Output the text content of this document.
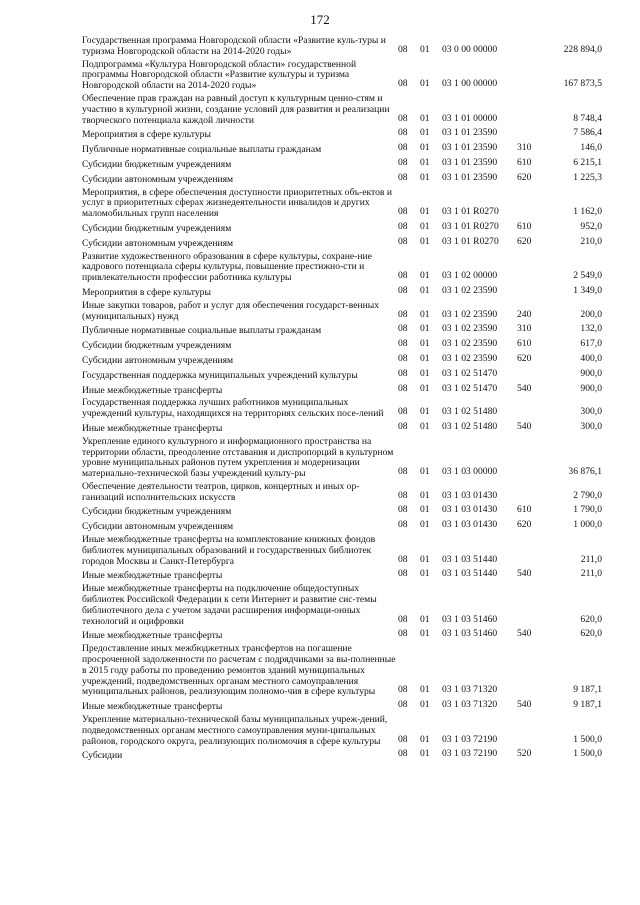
172
Государственная программа Новгородской области «Развитие куль-туры и туризма Новгородской области на 2014-2020 годы»	08	01	03 0 00 00000		228 894,0
Подпрограмма «Культура Новгородской области» государственной программы Новгородской области «Развитие культуры и туризма Новгородской области на 2014-2020 годы»	08	01	03 1 00 00000		167 873,5
Обеспечение прав граждан на равный доступ к культурным ценно-стям и участию в культурной жизни, создание условий для развития и реализации творческого потенциала каждой личности	08	01	03 1 01 00000		8 748,4
Мероприятия в сфере культуры	08	01	03 1 01 23590		7 586,4
Публичные нормативные социальные выплаты гражданам	08	01	03 1 01 23590	310	146,0
Субсидии бюджетным учреждениям	08	01	03 1 01 23590	610	6 215,1
Субсидии автономным учреждениям	08	01	03 1 01 23590	620	1 225,3
Мероприятия, в сфере обеспечения доступности приоритетных объ-ектов и услуг в приоритетных сферах жизнедеятельности инвалидов и других маломобильных групп населения	08	01	03 1 01 R0270		1 162,0
Субсидии бюджетным учреждениям	08	01	03 1 01 R0270	610	952,0
Субсидии автономным учреждениям	08	01	03 1 01 R0270	620	210,0
Развитие художественного образования в сфере культуры, сохране-ние кадрового потенциала сферы культуры, повышение престижно-сти и привлекательности профессии работника культуры	08	01	03 1 02 00000		2 549,0
Мероприятия в сфере культуры	08	01	03 1 02 23590		1 349,0
Иные закупки товаров, работ и услуг для обеспечения государст-венных (муниципальных) нужд	08	01	03 1 02 23590	240	200,0
Публичные нормативные социальные выплаты гражданам	08	01	03 1 02 23590	310	132,0
Субсидии бюджетным учреждениям	08	01	03 1 02 23590	610	617,0
Субсидии автономным учреждениям	08	01	03 1 02 23590	620	400,0
Государственная поддержка муниципальных учреждений культуры	08	01	03 1 02 51470		900,0
Иные межбюджетные трансферты	08	01	03 1 02 51470	540	900,0
Государственная поддержка лучших работников муниципальных учреждений культуры, находящихся на территориях сельских посе-лений	08	01	03 1 02 51480		300,0
Иные межбюджетные трансферты	08	01	03 1 02 51480	540	300,0
Укрепление единого культурного и информационного пространства на территории области, преодоление отставания и диспропорций в культурном уровне муниципальных районов путем укрепления и модернизации материально-технической базы учреждений культу-ры	08	01	03 1 03 00000		36 876,1
Обеспечение деятельности театров, цирков, концертных и иных ор-ганизаций исполнительских искусств	08	01	03 1 03 01430		2 790,0
Субсидии бюджетным учреждениям	08	01	03 1 03 01430	610	1 790,0
Субсидии автономным учреждениям	08	01	03 1 03 01430	620	1 000,0
Иные межбюджетные трансферты на комплектование книжных фондов библиотек муниципальных образований и государственных библиотек городов Москвы и Санкт-Петербурга	08	01	03 1 03 51440		211,0
Иные межбюджетные трансферты	08	01	03 1 03 51440	540	211,0
Иные межбюджетные трансферты на подключение общедоступных библиотек Российской Федерации к сети Интернет и развитие сис-темы библиотечного дела с учетом задачи расширения информаци-онных технологий и оцифровки	08	01	03 1 03 51460		620,0
Иные межбюджетные трансферты	08	01	03 1 03 51460	540	620,0
Предоставление иных межбюджетных трансфертов на погашение просроченной задолженности по расчетам с подрядчиками за вы-полненные в 2015 году работы по проведению ремонтов зданий муниципальных учреждений, подведомственных органам местного самоуправления муниципальных районов, реализующим полномо-чия в сфере культуры	08	01	03 1 03 71320		9 187,1
Иные межбюджетные трансферты	08	01	03 1 03 71320	540	9 187,1
Укрепление материально-технической базы муниципальных учреж-дений, подведомственных органам местного самоуправления муни-ципальных районов, городского округа, реализующих полномочия в сфере культуры	08	01	03 1 03 72190		1 500,0
Субсидии	08	01	03 1 03 72190	520	1 500,0
